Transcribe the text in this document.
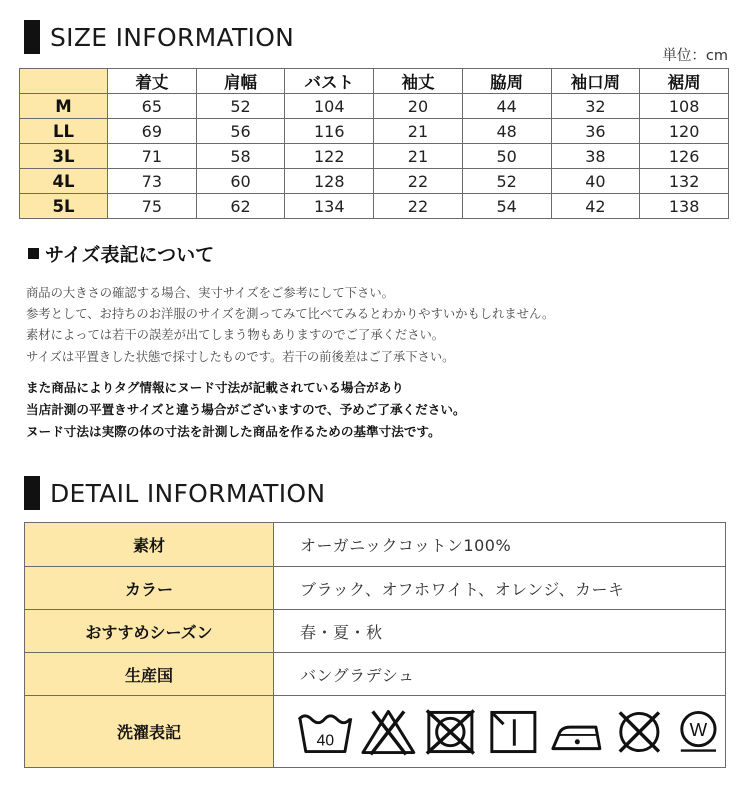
SIZE INFORMATION
単位：cm
	着丈	肩幅	バスト	袖丈	脇周	袖口周	裾周
M	65	52	104	20	44	32	108
LL	69	56	116	21	48	36	120
3L	71	58	122	21	50	38	126
4L	73	60	128	22	52	40	132
5L	75	62	134	22	54	42	138
サイズ表記について
商品の大きさの確認する場合、実寸サイズをご参考にして下さい。
参考として、お持ちのお洋服のサイズを測ってみて比べてみるとわかりやすいかもしれません。
素材によっては若干の誤差が出てしまう物もありますのでご了承ください。
サイズは平置きした状態で採寸したものです。若干の前後差はご了承下さい。
また商品によりタグ情報にヌード寸法が記載されている場合があり
当店計測の平置きサイズと違う場合がございますので、予めご了承ください。
ヌード寸法は実際の体の寸法を計測した商品を作るための基準寸法です。
DETAIL INFORMATION
素材	オーガニックコットン100%
カラー	ブラック、オフホワイト、オレンジ、カーキ
おすすめシーズン	春・夏・秋
生産国	バングラデシュ
洗濯表記	40
W
